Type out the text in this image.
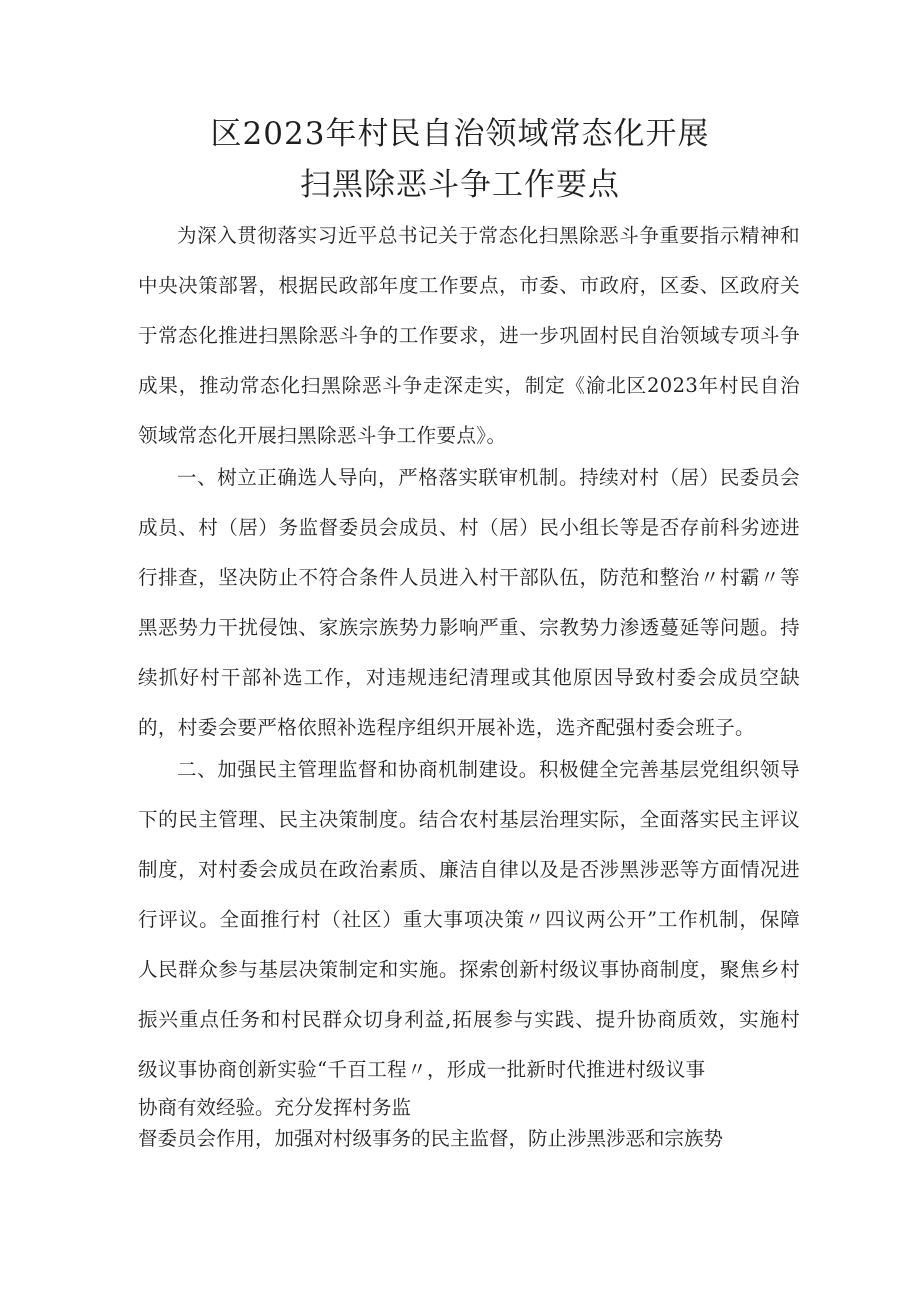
区2023年村民自治领域常态化开展
扫黑除恶斗争工作要点

为深入贯彻落实习近平总书记关于常态化扫黑除恶斗争重要指示精神和中央决策部署，根据民政部年度工作要点，市委、市政府，区委、区政府关于常态化推进扫黑除恶斗争的工作要求，进一步巩固村民自治领域专项斗争成果，推动常态化扫黑除恶斗争走深走实，制定《渝北区2023年村民自治领域常态化开展扫黑除恶斗争工作要点》。

一、树立正确选人导向，严格落实联审机制。持续对村（居）民委员会成员、村（居）务监督委员会成员、村（居）民小组长等是否存前科劣迹进行排查，坚决防止不符合条件人员进入村干部队伍，防范和整治〃村霸〃等黑恶势力干扰侵蚀、家族宗族势力影响严重、宗教势力渗透蔓延等问题。持续抓好村干部补选工作，对违规违纪清理或其他原因导致村委会成员空缺的，村委会要严格依照补选程序组织开展补选，选齐配强村委会班子。

二、加强民主管理监督和协商机制建设。积极健全完善基层党组织领导下的民主管理、民主决策制度。结合农村基层治理实际，全面落实民主评议制度，对村委会成员在政治素质、廉洁自律以及是否涉黑涉恶等方面情况进行评议。全面推行村（社区）重大事项决策〃四议两公开”工作机制，保障人民群众参与基层决策制定和实施。探索创新村级议事协商制度，聚焦乡村振兴重点任务和村民群众切身利益,拓展参与实践、提升协商质效，实施村级议事协商创新实验“千百工程〃，形成一批新时代推进村级议事

协商有效经验。充分发挥村务监

督委员会作用，加强对村级事务的民主监督，防止涉黑涉恶和宗族势
